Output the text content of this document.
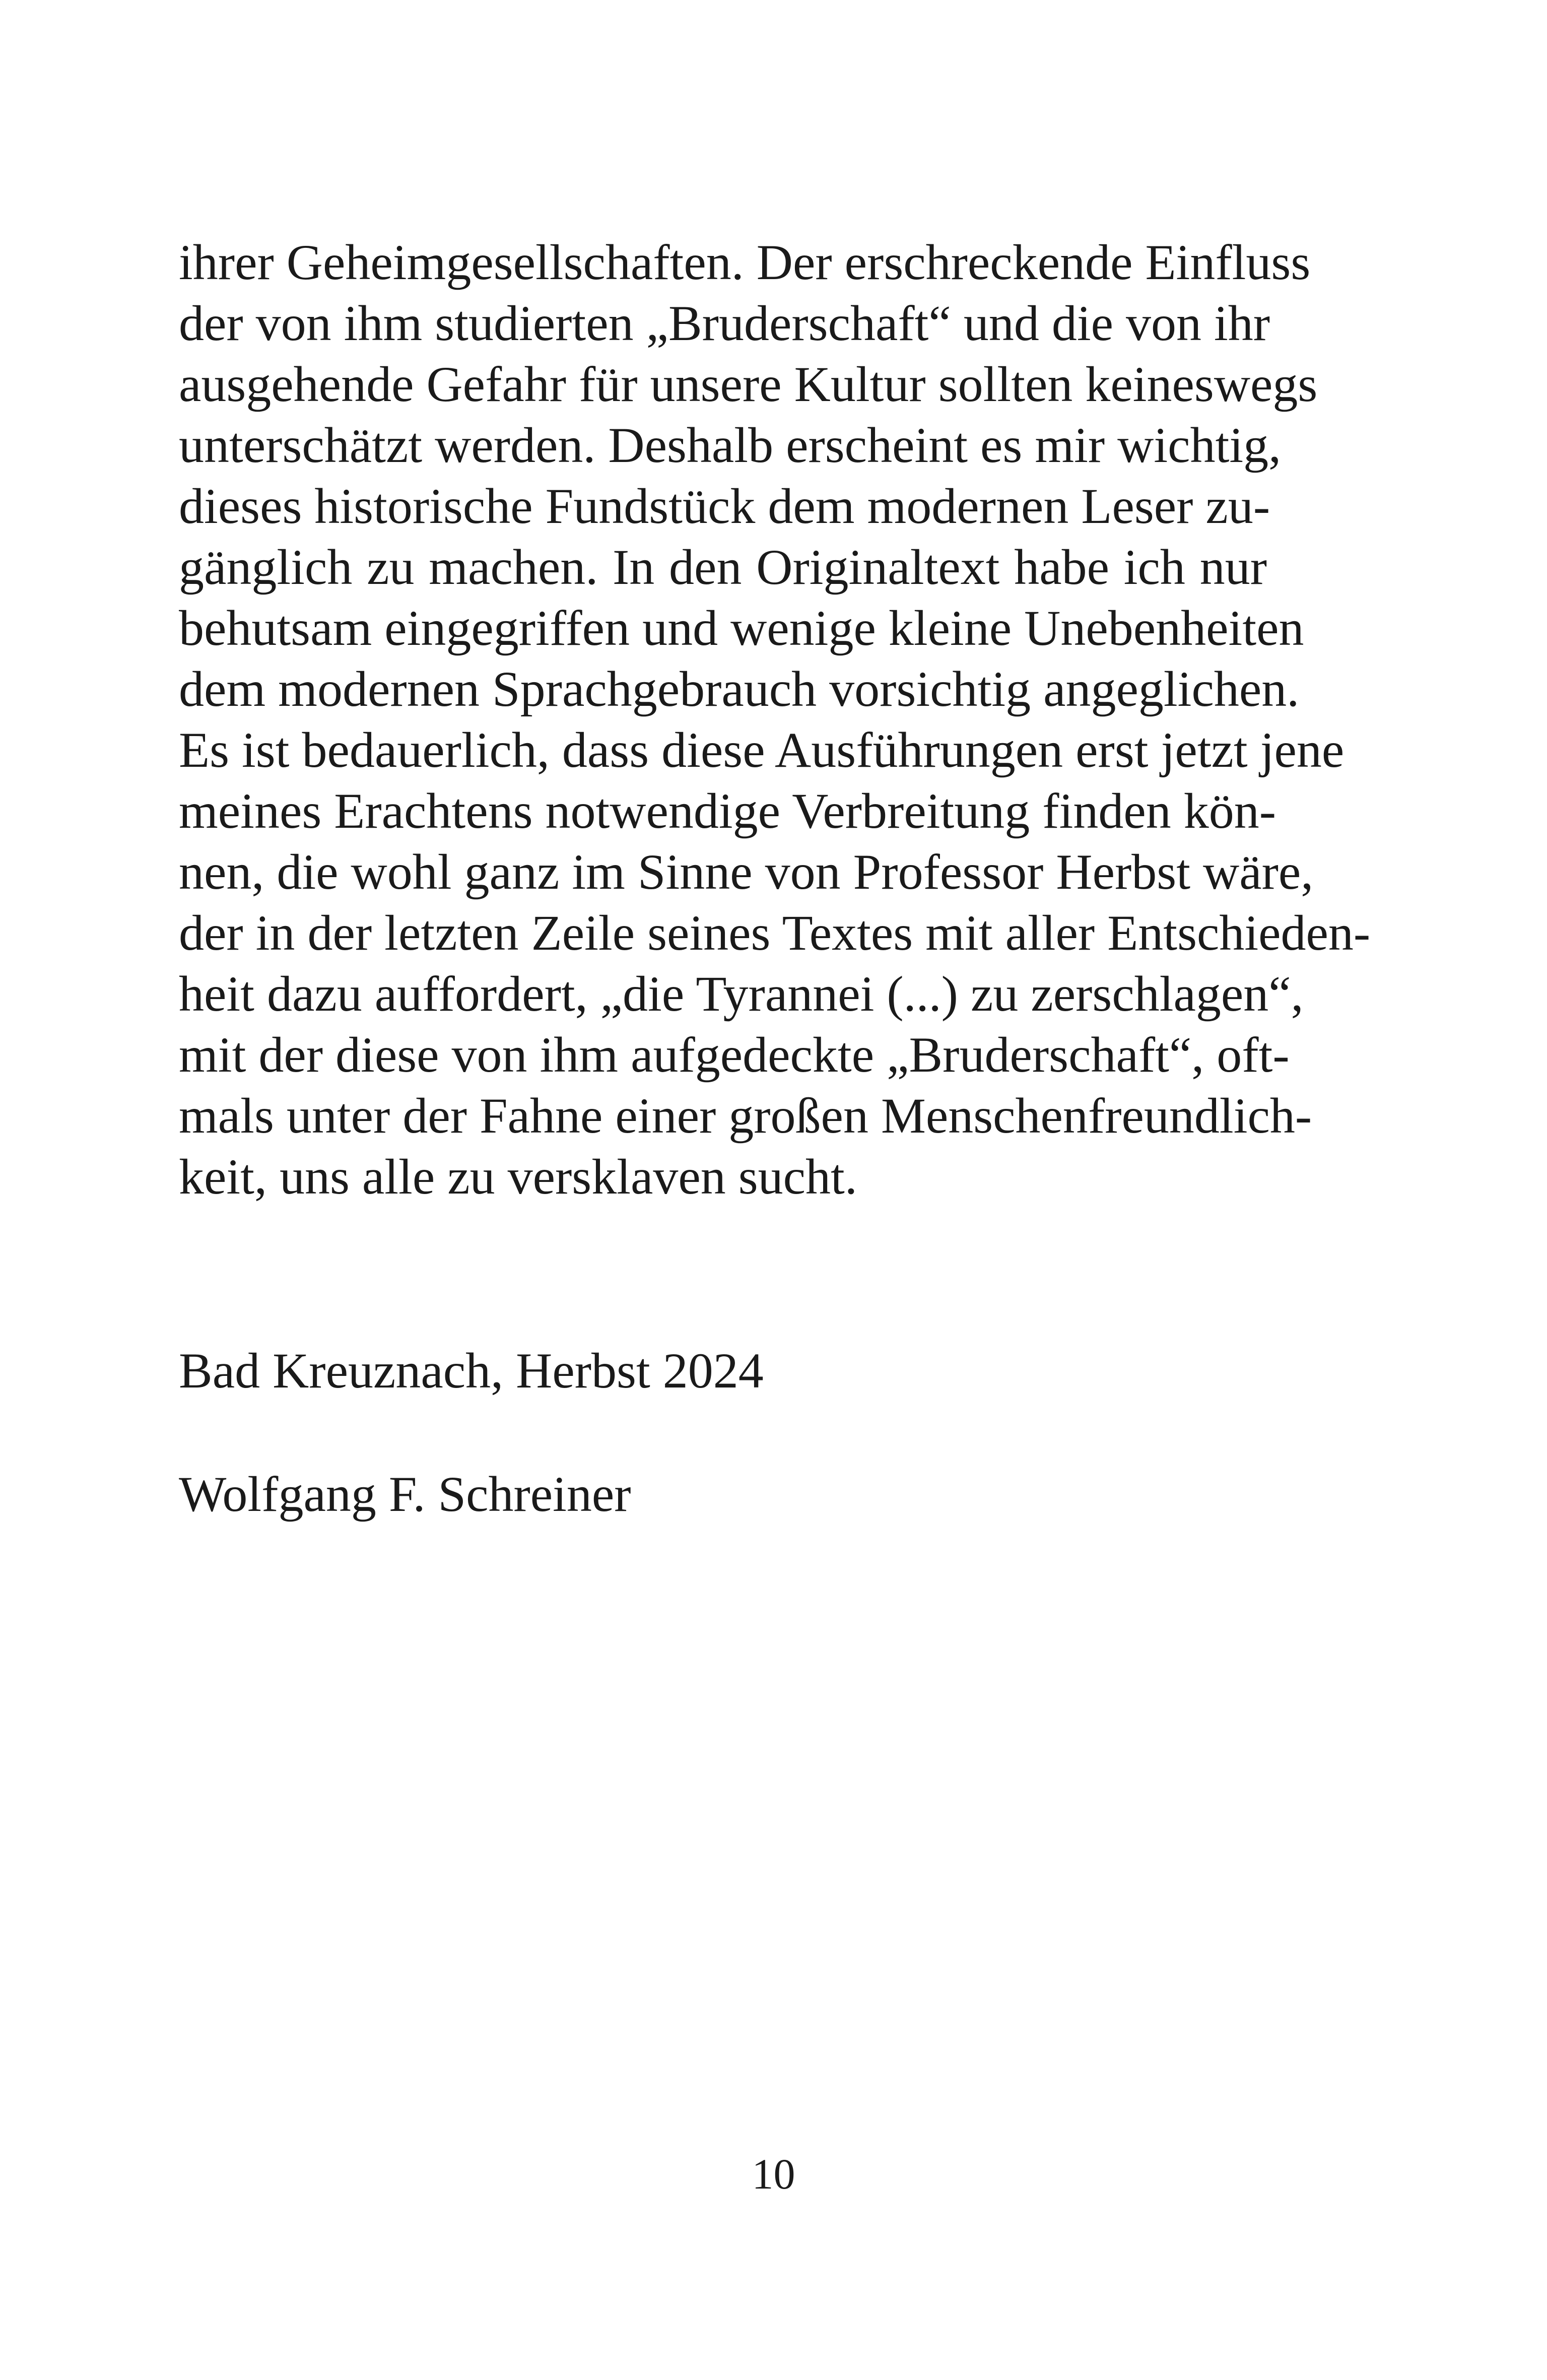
ihrer Geheimgesellschaften. Der erschreckende Einfluss
der von ihm studierten „Bruderschaft“ und die von ihr
ausgehende Gefahr für unsere Kultur sollten keineswegs
unterschätzt werden. Deshalb erscheint es mir wichtig,
dieses historische Fundstück dem modernen Leser zu-
gänglich zu machen. In den Originaltext habe ich nur
behutsam eingegriffen und wenige kleine Unebenheiten
dem modernen Sprachgebrauch vorsichtig angeglichen.
Es ist bedauerlich, dass diese Ausführungen erst jetzt jene
meines Erachtens notwendige Verbreitung finden kön-
nen, die wohl ganz im Sinne von Professor Herbst wäre,
der in der letzten Zeile seines Textes mit aller Entschieden-
heit dazu auffordert, „die Tyrannei (...) zu zerschlagen“,
mit der diese von ihm aufgedeckte „Bruderschaft“, oft-
mals unter der Fahne einer großen Menschenfreundlich-
keit, uns alle zu versklaven sucht.
Bad Kreuznach, Herbst 2024
Wolfgang F. Schreiner
10
